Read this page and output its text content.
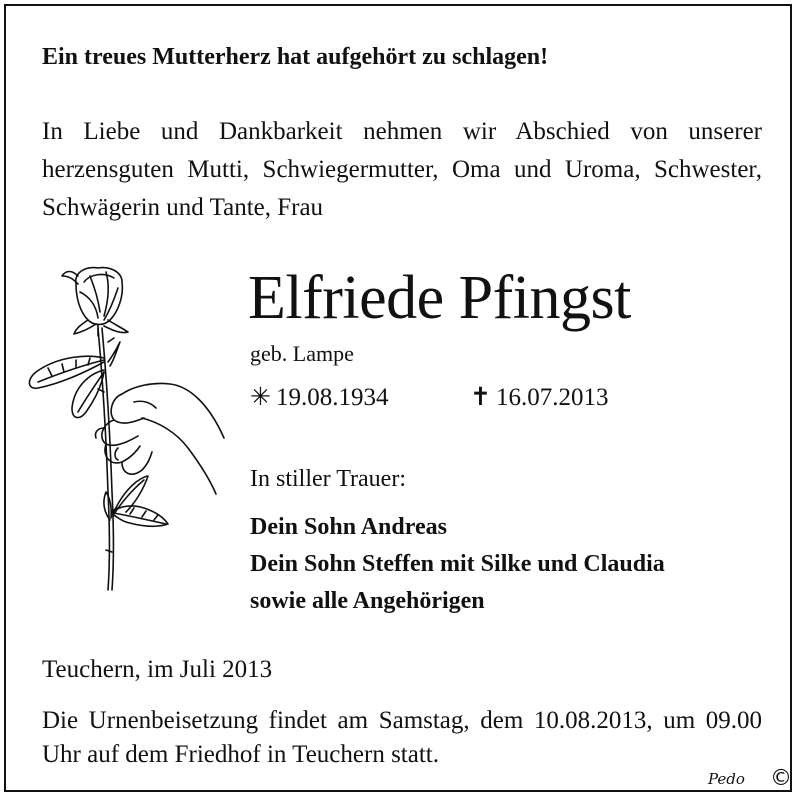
Ein treues Mutterherz hat aufgehört zu schlagen!
In Liebe und Dankbarkeit nehmen wir Abschied von unserer herzensguten Mutti, Schwiegermutter, Oma und Uroma, Schwester, Schwägerin und Tante, Frau
Elfriede Pfingst
geb. Lampe
✳ 19.08.1934	✝ 16.07.2013
In stiller Trauer:
Dein Sohn Andreas
Dein Sohn Steffen mit Silke und Claudia
sowie alle Angehörigen
Teuchern, im Juli 2013
Die Urnenbeisetzung findet am Samstag, dem 10.08.2013, um 09.00 Uhr auf dem Friedhof in Teuchern statt.
Pedo ©
